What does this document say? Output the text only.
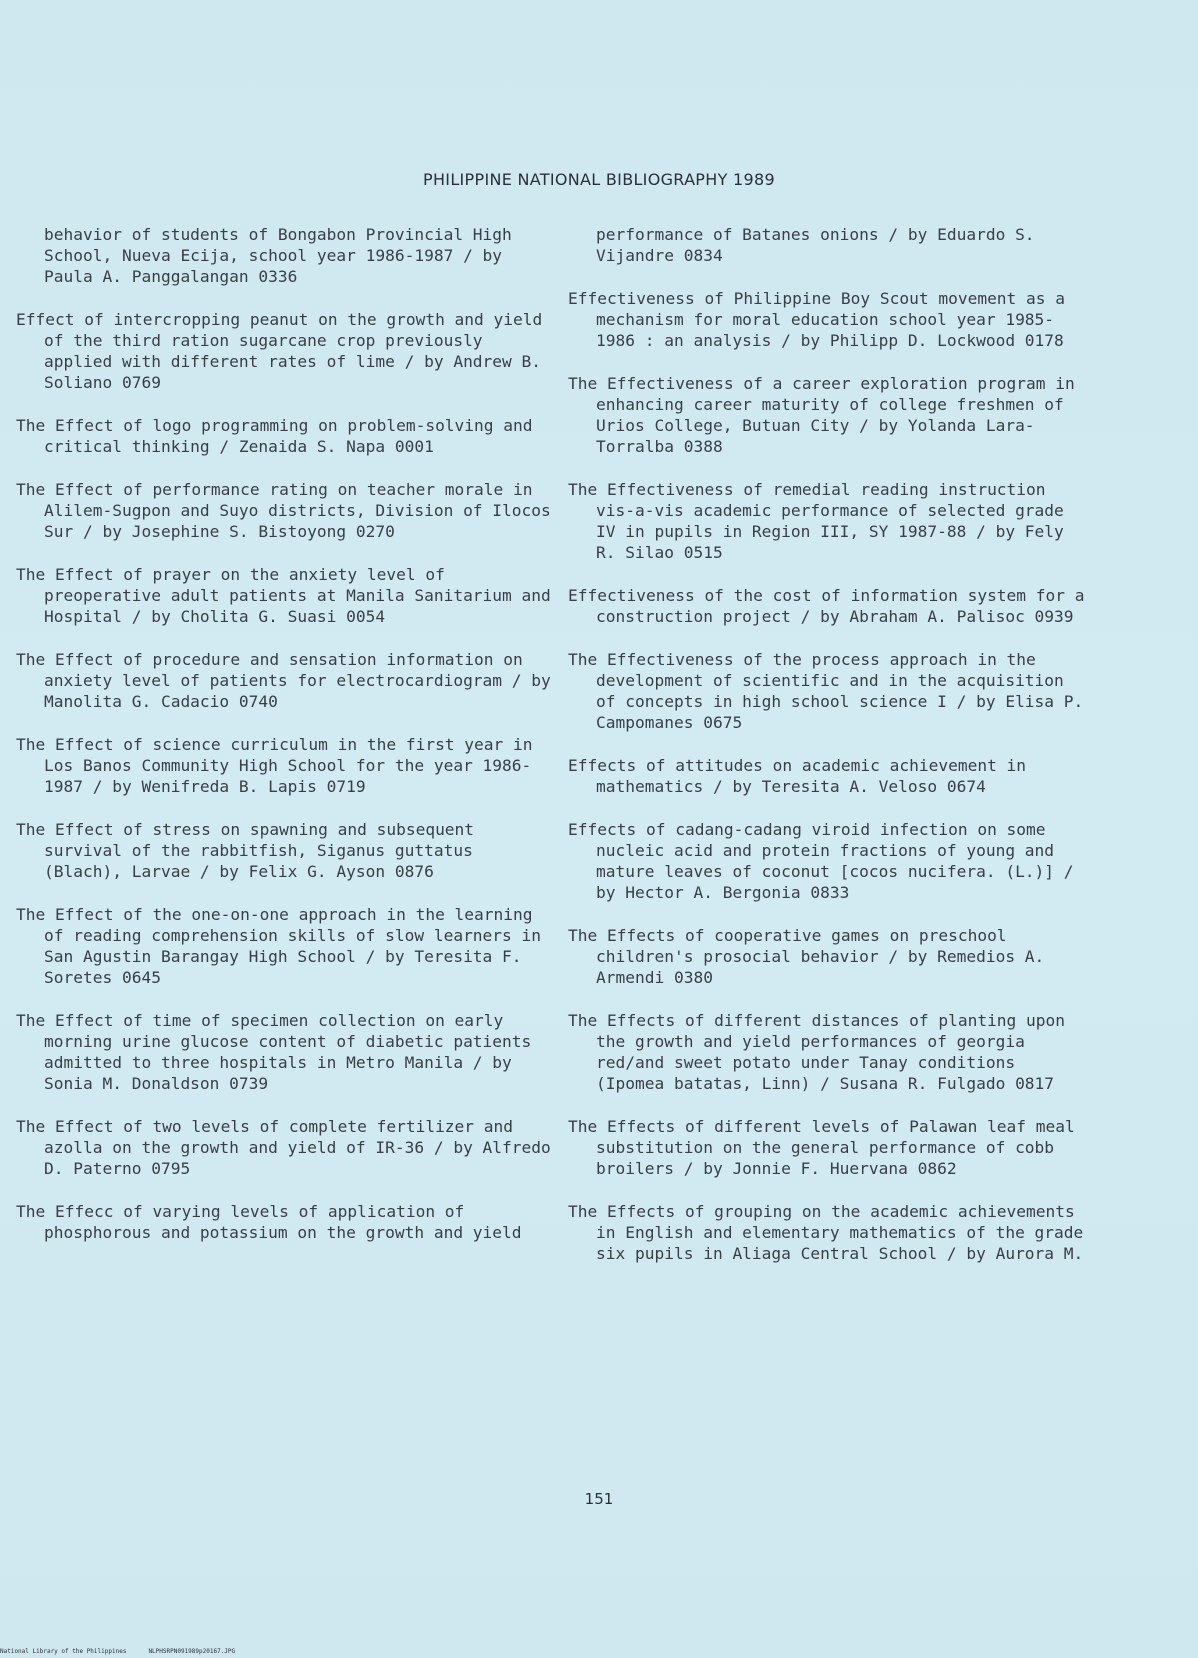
PHILIPPINE NATIONAL BIBLIOGRAPHY 1989

behavior of students of Bongabon Provincial High School, Nueva Ecija, school year 1986-1987 / by Paula A. Panggalangan 0336

Effect of intercropping peanut on the growth and yield of the third ration sugarcane crop previously applied with different rates of lime / by Andrew B. Soliano 0769

The Effect of logo programming on problem-solving and critical thinking / Zenaida S. Napa 0001

The Effect of performance rating on teacher morale in Alilem-Sugpon and Suyo districts, Division of Ilocos Sur / by Josephine S. Bistoyong 0270

The Effect of prayer on the anxiety level of preoperative adult patients at Manila Sanitarium and Hospital / by Cholita G. Suasi 0054

The Effect of procedure and sensation information on anxiety level of patients for electrocardiogram / by Manolita G. Cadacio 0740

The Effect of science curriculum in the first year in Los Banos Community High School for the year 1986-1987 / by Wenifreda B. Lapis 0719

The Effect of stress on spawning and subsequent survival of the rabbitfish, Siganus guttatus (Blach), Larvae / by Felix G. Ayson 0876

The Effect of the one-on-one approach in the learning of reading comprehension skills of slow learners in San Agustin Barangay High School / by Teresita F. Soretes 0645

The Effect of time of specimen collection on early morning urine glucose content of diabetic patients admitted to three hospitals in Metro Manila / by Sonia M. Donaldson 0739

The Effect of two levels of complete fertilizer and azolla on the growth and yield of IR-36 / by Alfredo D. Paterno 0795

The Effecc of varying levels of application of phosphorous and potassium on the growth and yield

performance of Batanes onions / by Eduardo S. Vijandre 0834

Effectiveness of Philippine Boy Scout movement as a mechanism for moral education school year 1985-1986 : an analysis / by Philipp D. Lockwood 0178

The Effectiveness of a career exploration program in enhancing career maturity of college freshmen of Urios College, Butuan City / by Yolanda Lara-Torralba 0388

The Effectiveness of remedial reading instruction vis-a-vis academic performance of selected grade IV in pupils in Region III, SY 1987-88 / by Fely R. Silao 0515

Effectiveness of the cost of information system for a construction project / by Abraham A. Palisoc 0939

The Effectiveness of the process approach in the development of scientific and in the acquisition of concepts in high school science I / by Elisa P. Campomanes 0675

Effects of attitudes on academic achievement in mathematics / by Teresita A. Veloso 0674

Effects of cadang-cadang viroid infection on some nucleic acid and protein fractions of young and mature leaves of coconut [cocos nucifera. (L.)] / by Hector A. Bergonia 0833

The Effects of cooperative games on preschool children's prosocial behavior / by Remedios A. Armendi 0380

The Effects of different distances of planting upon the growth and yield performances of georgia red/and sweet potato under Tanay conditions (Ipomea batatas, Linn) / Susana R. Fulgado 0817

The Effects of different levels of Palawan leaf meal substitution on the general performance of cobb broilers / by Jonnie F. Huervana 0862

The Effects of grouping on the academic achievements in English and elementary mathematics of the grade six pupils in Aliaga Central School / by Aurora M.

151
National Library of the Philippines	NLPHSRPN091989p20167.JPG
